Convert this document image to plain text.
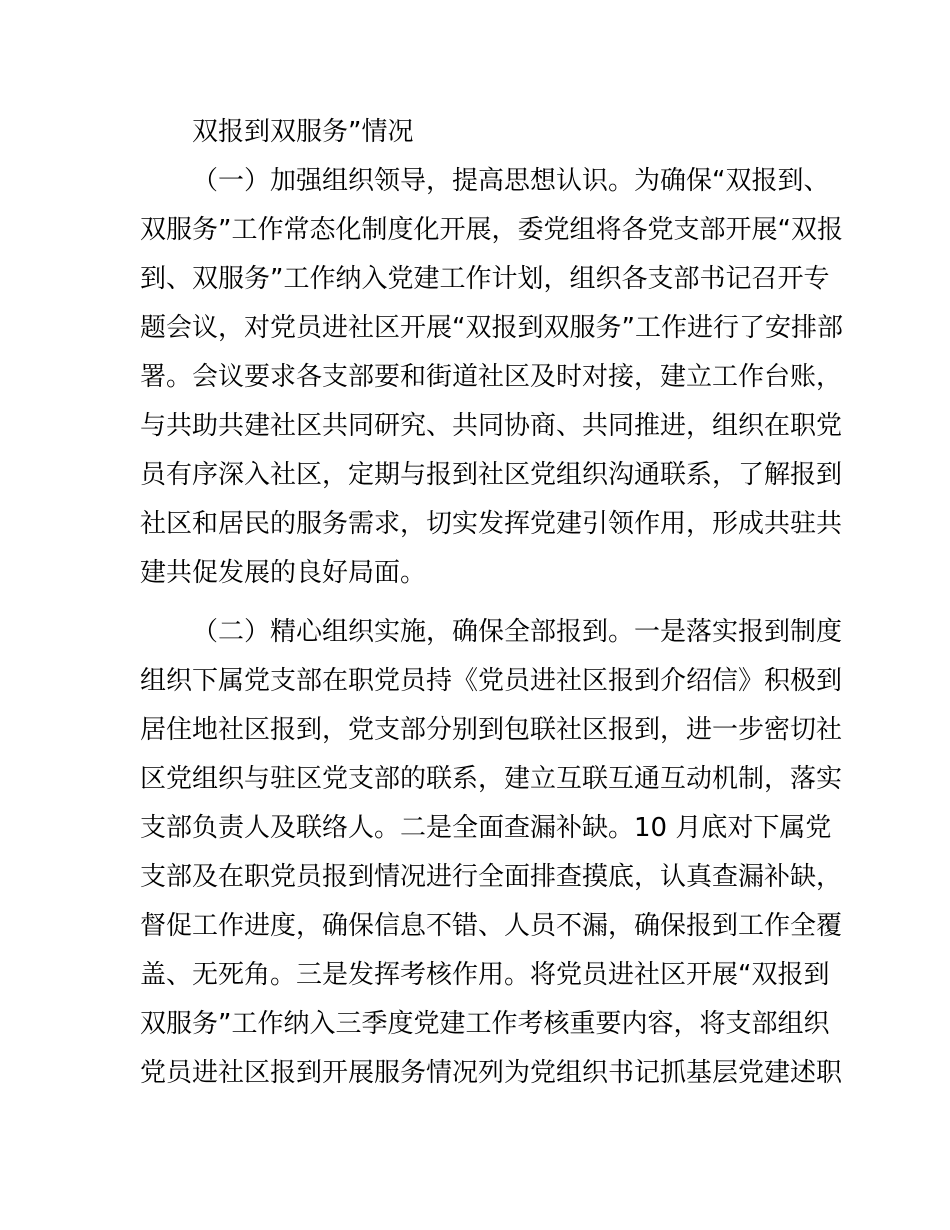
双报到双服务”情况
（一）加强组织领导，提高思想认识。为确保“双报到、
双服务”工作常态化制度化开展，委党组将各党支部开展“双报
到、双服务”工作纳入党建工作计划，组织各支部书记召开专
题会议，对党员进社区开展“双报到双服务”工作进行了安排部
署。会议要求各支部要和街道社区及时对接，建立工作台账，
与共助共建社区共同研究、共同协商、共同推进，组织在职党
员有序深入社区，定期与报到社区党组织沟通联系，了解报到
社区和居民的服务需求，切实发挥党建引领作用，形成共驻共
建共促发展的良好局面。
（二）精心组织实施，确保全部报到。一是落实报到制度
组织下属党支部在职党员持《党员进社区报到介绍信》积极到
居住地社区报到，党支部分别到包联社区报到，进一步密切社
区党组织与驻区党支部的联系，建立互联互通互动机制，落实
支部负责人及联络人。二是全面查漏补缺。10 月底对下属党
支部及在职党员报到情况进行全面排查摸底，认真查漏补缺，
督促工作进度，确保信息不错、人员不漏，确保报到工作全覆
盖、无死角。三是发挥考核作用。将党员进社区开展“双报到
双服务”工作纳入三季度党建工作考核重要内容，将支部组织
党员进社区报到开展服务情况列为党组织书记抓基层党建述职
